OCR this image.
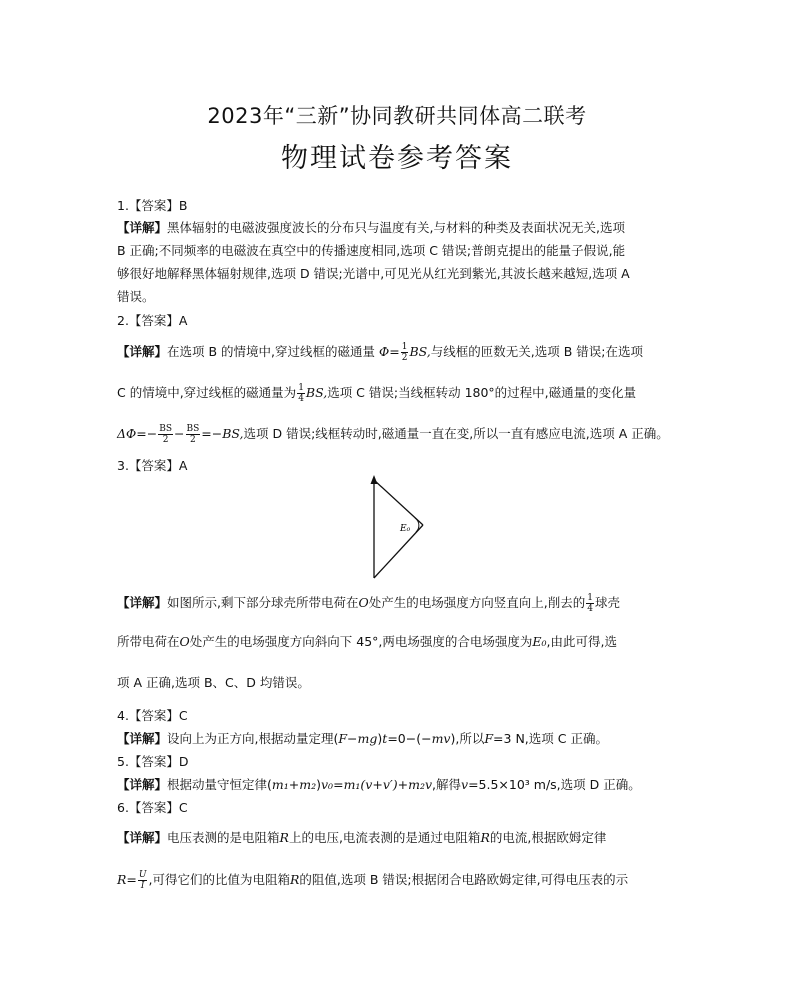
2023年“三新”协同教研共同体高二联考
物理试卷参考答案
1.【答案】B
【详解】黑体辐射的电磁波强度波长的分布只与温度有关,与材料的种类及表面状况无关,选项
B 正确;不同频率的电磁波在真空中的传播速度相同,选项 C 错误;普朗克提出的能量子假说,能
够很好地解释黑体辐射规律,选项 D 错误;光谱中,可见光从红光到紫光,其波长越来越短,选项 A
错误。
2.【答案】A
【详解】在选项 B 的情境中,穿过线框的磁通量 $\Phi= \frac{1}{2}$ BS,与线框的匝数无关,选项 B 错误;在选项
C 的情境中,穿过线框的磁通量为 $\frac{1}{4}$ BS,选项 C 错误;当线框转动 180°的过程中,磁通量的变化量
$\Delta\Phi=- \frac{BS}{2} - \frac{BS}{2} =-BS$,选项 D 错误;线框转动时,磁通量一直在变,所以一直有感应电流,选项 A 正确。
3.【答案】A
E₀
【详解】如图所示,剩下部分球壳所带电荷在O处产生的电场强度方向竖直向上,削去的 $\frac{1}{4}$ 球壳
所带电荷在O处产生的电场强度方向斜向下 45°,两电场强度的合电场强度为E₀,由此可得,选
项 A 正确,选项 B、C、D 均错误。
4.【答案】C
【详解】设向上为正方向,根据动量定理(F−mg)t=0−(−mv),所以F=3 N,选项 C 正确。
5.【答案】D
【详解】根据动量守恒定律(m₁+m₂)v₀=m₁(v+v′)+m₂v,解得v=5.5×10³ m/s,选项 D 正确。
6.【答案】C
【详解】电压表测的是电阻箱R上的电压,电流表测的是通过电阻箱R的电流,根据欧姆定律
$R= \frac{U}{I}$ ,可得它们的比值为电阻箱R的阻值,选项 B 错误;根据闭合电路欧姆定律,可得电压表的示
